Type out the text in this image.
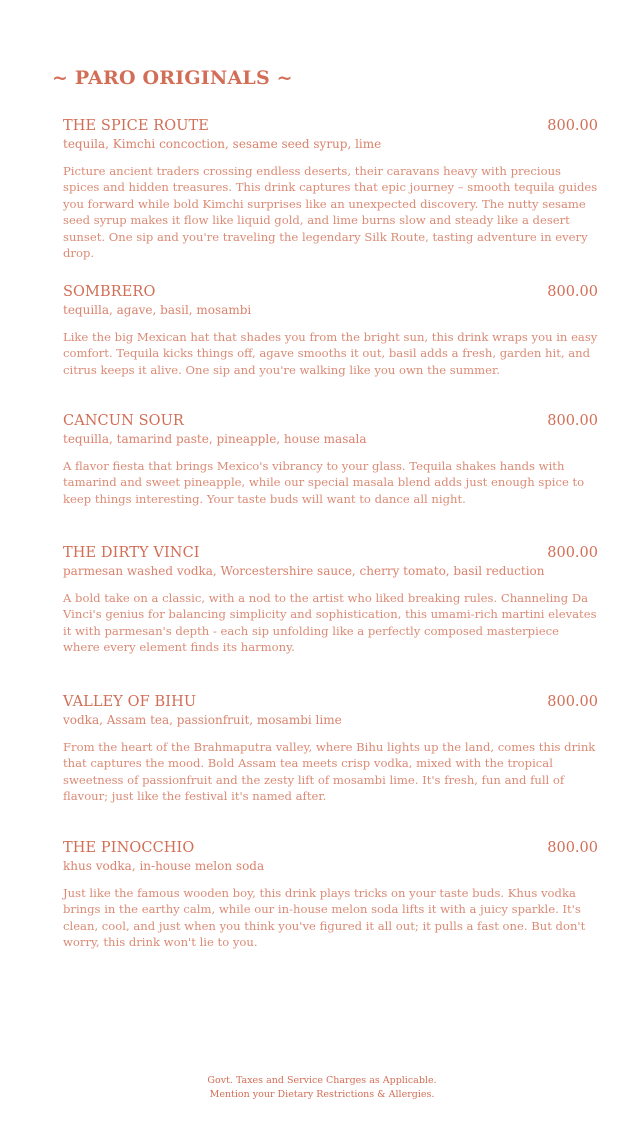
~ PARO ORIGINALS ~
THE SPICE ROUTE	800.00
tequila, Kimchi concoction, sesame seed syrup, lime
Picture ancient traders crossing endless deserts, their caravans heavy with precious spices and hidden treasures. This drink captures that epic journey – smooth tequila guides you forward while bold Kimchi surprises like an unexpected discovery. The nutty sesame seed syrup makes it flow like liquid gold, and lime burns slow and steady like a desert sunset. One sip and you're traveling the legendary Silk Route, tasting adventure in every drop.
SOMBRERO	800.00
tequilla, agave, basil, mosambi
Like the big Mexican hat that shades you from the bright sun, this drink wraps you in easy comfort. Tequila kicks things off, agave smooths it out, basil adds a fresh, garden hit, and citrus keeps it alive. One sip and you're walking like you own the summer.
CANCUN SOUR	800.00
tequilla, tamarind paste, pineapple, house masala
A flavor fiesta that brings Mexico's vibrancy to your glass. Tequila shakes hands with tamarind and sweet pineapple, while our special masala blend adds just enough spice to keep things interesting. Your taste buds will want to dance all night.
THE DIRTY VINCI	800.00
parmesan washed vodka, Worcestershire sauce, cherry tomato, basil reduction
A bold take on a classic, with a nod to the artist who liked breaking rules. Channeling Da Vinci's genius for balancing simplicity and sophistication, this umami-rich martini elevates it with parmesan's depth - each sip unfolding like a perfectly composed masterpiece where every element finds its harmony.
VALLEY OF BIHU	800.00
vodka, Assam tea, passionfruit, mosambi lime
From the heart of the Brahmaputra valley, where Bihu lights up the land, comes this drink that captures the mood. Bold Assam tea meets crisp vodka, mixed with the tropical sweetness of passionfruit and the zesty lift of mosambi lime. It's fresh, fun and full of flavour; just like the festival it's named after.
THE PINOCCHIO	800.00
khus vodka, in-house melon soda
Just like the famous wooden boy, this drink plays tricks on your taste buds. Khus vodka brings in the earthy calm, while our in-house melon soda lifts it with a juicy sparkle. It's clean, cool, and just when you think you've figured it all out; it pulls a fast one. But don't worry, this drink won't lie to you.
Govt. Taxes and Service Charges as Applicable.
Mention your Dietary Restrictions & Allergies.
